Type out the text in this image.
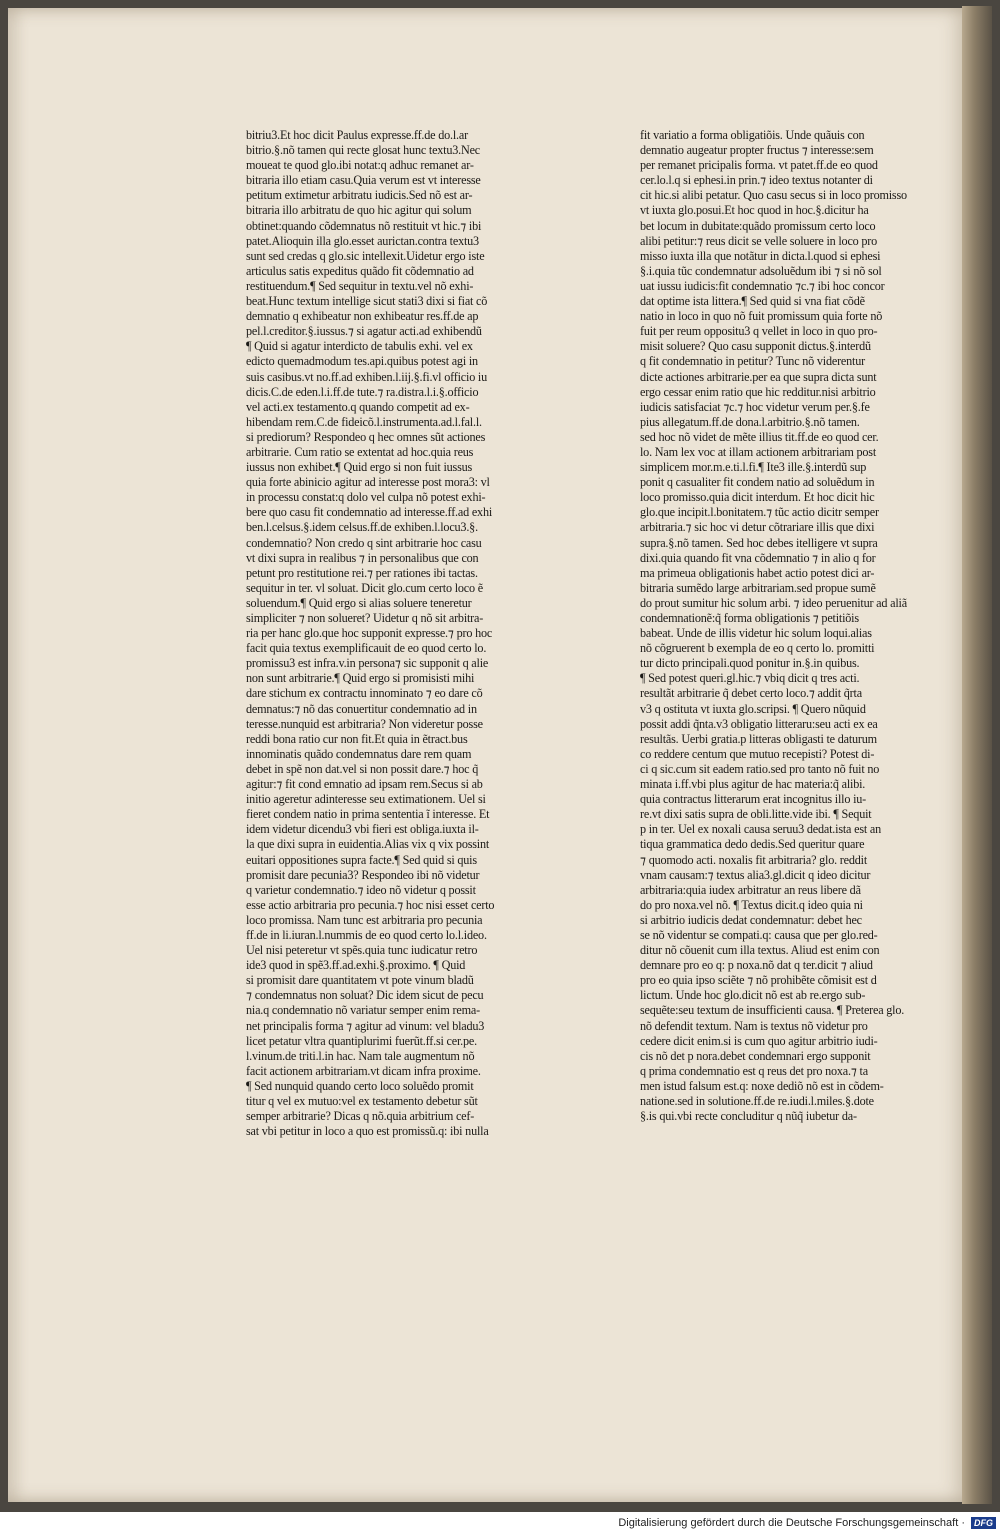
bitriu3.Et hoc dicit Paulus expresse.ff.de do.l.ar
bitrio.§.nõ tamen qui recte glosat hunc textu3.Nec
moueat te quod glo.ibi notat:q adhuc remanet ar-
bitraria illo etiam casu.Quia verum est vt interesse
petitum extimetur arbitratu iudicis.Sed nõ est ar-
bitraria illo arbitratu de quo hic agitur qui solum
obtinet:quando cõdemnatus nõ restituit vt hic.⁊ ibi
patet.Alioquin illa glo.esset aurictan.contra textu3
sunt sed credas q glo.sic intellexit.Uidetur ergo iste
articulus satis expeditus quãdo fit cõdemnatio ad
restituendum.¶ Sed sequitur in textu.vel nõ exhi-
beat.Hunc textum intellige sicut stati3 dixi si fiat cõ
demnatio q exhibeatur non exhibeatur res.ff.de ap
pel.l.creditor.§.iussus.⁊ si agatur acti.ad exhibendũ
¶ Quid si agatur interdicto de tabulis exhi. vel ex
edicto quemadmodum tes.api.quibus potest agi in
suis casibus.vt no.ff.ad exhiben.l.iij.§.fi.vl officio iu
dicis.C.de eden.l.i.ff.de tute.⁊ ra.distra.l.i.§.officio
vel acti.ex testamento.q quando competit ad ex-
hibendam rem.C.de fideicõ.l.instrumenta.ad.l.fal.l.
si prediorum? Respondeo q hec omnes sũt actiones
arbitrarie. Cum ratio se extentat ad hoc.quia reus
iussus non exhibet.¶ Quid ergo si non fuit iussus
quia forte abinicio agitur ad interesse post mora3: vl
in processu constat:q dolo vel culpa nõ potest exhi-
bere quo casu fit condemnatio ad interesse.ff.ad exhi
ben.l.celsus.§.idem celsus.ff.de exhiben.l.locu3.§.
condemnatio? Non credo q sint arbitrarie hoc casu
vt dixi supra in realibus ⁊ in personalibus que con
petunt pro restitutione rei.⁊ per rationes ibi tactas.
sequitur in ter. vl soluat. Dicit glo.cum certo loco ẽ
soluendum.¶ Quid ergo si alias soluere teneretur
simpliciter ⁊ non solueret? Uidetur q nõ sit arbitra-
ria per hanc glo.que hoc supponit expresse.⁊ pro hoc
facit quia textus exemplificauit de eo quod certo lo.
promissu3 est infra.v.in persona⁊ sic supponit q alie
non sunt arbitrarie.¶ Quid ergo si promisisti mihi
dare stichum ex contractu innominato ⁊ eo dare cõ
demnatus:⁊ nõ das conuertitur condemnatio ad in
teresse.nunquid est arbitraria? Non videretur posse
reddi bona ratio cur non fit.Et quia in ẽtract.bus
innominatis quãdo condemnatus dare rem quam
debet in spẽ non dat.vel si non possit dare.⁊ hoc q̃
agitur:⁊ fit cond emnatio ad ipsam rem.Secus si ab
initio ageretur adinteresse seu extimationem. Uel si
fieret condem natio in prima sententia ĩ interesse. Et
idem videtur dicendu3 vbi fieri est obliga.iuxta il-
la que dixi supra in euidentia.Alias vix q vix possint
euitari oppositiones supra facte.¶ Sed quid si quis
promisit dare pecunia3? Respondeo ibi nõ videtur
q varietur condemnatio.⁊ ideo nõ videtur q possit
esse actio arbitraria pro pecunia.⁊ hoc nisi esset certo
loco promissa. Nam tunc est arbitraria pro pecunia
ff.de in li.iuran.l.nummis de eo quod certo lo.l.ideo.
Uel nisi peteretur vt spẽs.quia tunc iudicatur retro
ide3 quod in spẽ3.ff.ad.exhi.§.proximo. ¶ Quid
si promisit dare quantitatem vt pote vinum bladũ
⁊ condemnatus non soluat? Dic idem sicut de pecu
nia.q condemnatio nõ variatur semper enim rema-
net principalis forma ⁊ agitur ad vinum: vel bladu3
licet petatur vltra quantiplurimi fuerũt.ff.si cer.pe.
l.vinum.de triti.l.in hac. Nam tale augmentum nõ
facit actionem arbitrariam.vt dicam infra proxime.
¶ Sed nunquid quando certo loco soluẽdo promit
titur q vel ex mutuo:vel ex testamento debetur sũt
semper arbitrarie? Dicas q nõ.quia arbitrium cef-
sat vbi petitur in loco a quo est promissũ.q: ibi nulla
fit variatio a forma obligatiõis. Unde quãuis con
demnatio augeatur propter fructus ⁊ interesse:sem
per remanet pricipalis forma. vt patet.ff.de eo quod
cer.lo.l.q si ephesi.in prin.⁊ ideo textus notanter di
cit hic.si alibi petatur. Quo casu secus si in loco promisso
vt iuxta glo.posui.Et hoc quod in hoc.§.dicitur ha
bet locum in dubitate:quãdo promissum certo loco
alibi petitur:⁊ reus dicit se velle soluere in loco pro
misso iuxta illa que notãtur in dicta.l.quod si ephesi
§.i.quia tũc condemnatur adsoluẽdum ibi ⁊ si nõ sol
uat iussu iudicis:fit condemnatio ⁊c.⁊ ibi hoc concor
dat optime ista littera.¶ Sed quid si vna fiat cõdẽ
natio in loco in quo nõ fuit promissum quia forte nõ
fuit per reum oppositu3 q vellet in loco in quo pro-
misit soluere? Quo casu supponit dictus.§.interdũ
q fit condemnatio in petitur? Tunc nõ viderentur
dicte actiones arbitrarie.per ea que supra dicta sunt
ergo cessar enim ratio que hic redditur.nisi arbitrio
iudicis satisfaciat ⁊c.⁊ hoc videtur verum per.§.fe
pius allegatum.ff.de dona.l.arbitrio.§.nõ tamen.
sed hoc nõ videt de mẽte illius tit.ff.de eo quod cer.
lo. Nam lex voc at illam actionem arbitrariam post
simplicem mor.m.e.ti.l.fi.¶ Ite3 ille.§.interdũ sup
ponit q casualiter fit condem natio ad soluẽdum in
loco promisso.quia dicit interdum. Et hoc dicit hic
glo.que incipit.l.bonitatem.⁊ tũc actio dicitr semper
arbitraria.⁊ sic hoc vi detur cõtrariare illis que dixi
supra.§.nõ tamen. Sed hoc debes itelligere vt supra
dixi.quia quando fit vna cõdemnatio ⁊ in alio q for
ma primeua obligationis habet actio potest dici ar-
bitraria sumẽdo large arbitrariam.sed propue sumẽ
do prout sumitur hic solum arbi. ⁊ ideo peruenitur ad aliã
condemnationẽ:q̃ forma obligationis ⁊ petitiõis
babeat. Unde de illis videtur hic solum loqui.alias
nõ cõgruerent b exempla de eo q certo lo. promitti
tur dicto principali.quod ponitur in.§.in quibus.
¶ Sed potest queri.gl.hic.⁊ vbiq dicit q tres acti.
resultãt arbitrarie q̃ debet certo loco.⁊ addit q̃rta
v3 q ostituta vt iuxta glo.scripsi. ¶ Quero nũquid
possit addi q̃nta.v3 obligatio litteraru:seu acti ex ea
resultãs. Uerbi gratia.p litteras obligasti te daturum
co reddere centum que mutuo recepisti? Potest di-
ci q sic.cum sit eadem ratio.sed pro tanto nõ fuit no
minata i.ff.vbi plus agitur de hac materia:q̃ alibi.
quia contractus litterarum erat incognitus illo iu-
re.vt dixi satis supra de obli.litte.vide ibi. ¶ Sequit
p in ter. Uel ex noxali causa seruu3 dedat.ista est an
tiqua grammatica dedo dedis.Sed queritur quare
⁊ quomodo acti. noxalis fit arbitraria? glo. reddit
vnam causam:⁊ textus alia3.gl.dicit q ideo dicitur
arbitraria:quia iudex arbitratur an reus libere dã
do pro noxa.vel nõ. ¶ Textus dicit.q ideo quia ni
si arbitrio iudicis dedat condemnatur: debet hec
se nõ videntur se compati.q: causa que per glo.red-
ditur nõ cõuenit cum illa textus. Aliud est enim con
demnare pro eo q: p noxa.nõ dat q ter.dicit ⁊ aliud
pro eo quia ipso sciẽte ⁊ nõ prohibẽte cõmisit est d
lictum. Unde hoc glo.dicit nõ est ab re.ergo sub-
sequẽte:seu textum de insufficienti causa. ¶ Preterea glo.
nõ defendit textum. Nam is textus nõ videtur pro
cedere dicit enim.si is cum quo agitur arbitrio iudi-
cis nõ det p nora.debet condemnari ergo supponit
q prima condemnatio est q reus det pro noxa.⁊ ta
men istud falsum est.q: noxe dediõ nõ est in cõdem-
natione.sed in solutione.ff.de re.iudi.l.miles.§.dote
§.is qui.vbi recte concluditur q nũq̃ iubetur da-
Digitalisierung gefördert durch die Deutsche Forschungsgemeinschaft ·	DFG
